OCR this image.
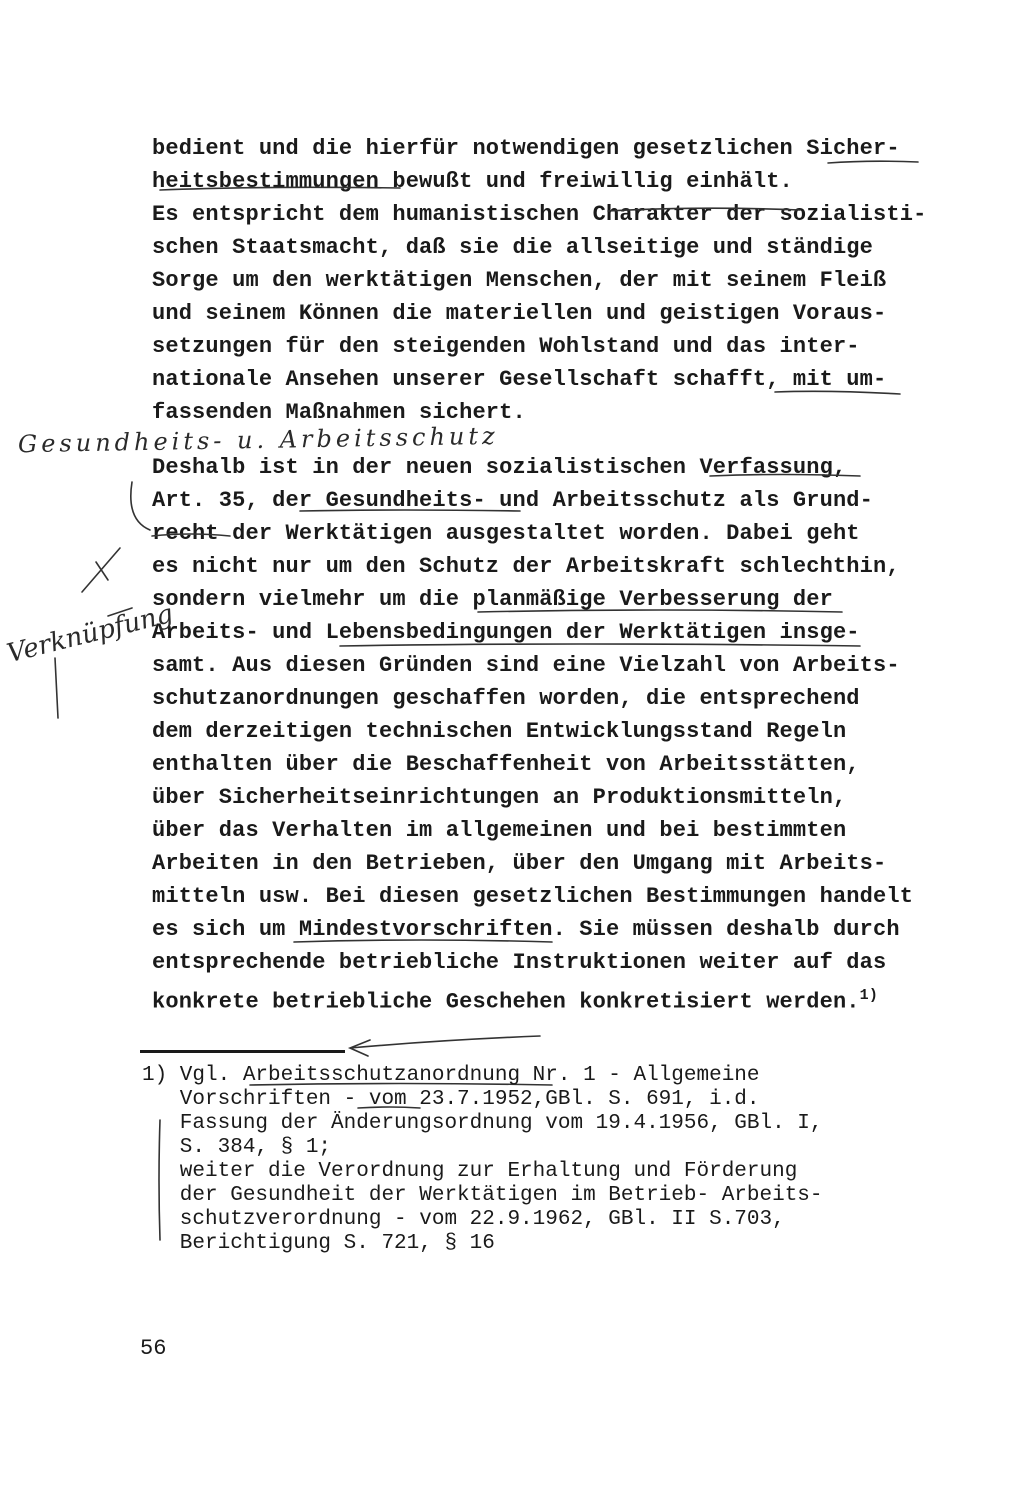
bedient und die hierfür notwendigen gesetzlichen Sicher-
heitsbestimmungen bewußt und freiwillig einhält.
Es entspricht dem humanistischen Charakter der sozialisti-
schen Staatsmacht, daß sie die allseitige und ständige
Sorge um den werktätigen Menschen, der mit seinem Fleiß
und seinem Können die materiellen und geistigen Voraus-
setzungen für den steigenden Wohlstand und das inter-
nationale Ansehen unserer Gesellschaft schafft, mit um-
fassenden Maßnahmen sichert.
Deshalb ist in der neuen sozialistischen Verfassung,
Art. 35, der Gesundheits- und Arbeitsschutz als Grund-
recht der Werktätigen ausgestaltet worden. Dabei geht
es nicht nur um den Schutz der Arbeitskraft schlechthin,
sondern vielmehr um die planmäßige Verbesserung der
Arbeits- und Lebensbedingungen der Werktätigen insge-
samt. Aus diesen Gründen sind eine Vielzahl von Arbeits-
schutzanordnungen geschaffen worden, die entsprechend
dem derzeitigen technischen Entwicklungsstand Regeln
enthalten über die Beschaffenheit von Arbeitsstätten,
über Sicherheitseinrichtungen an Produktionsmitteln,
über das Verhalten im allgemeinen und bei bestimmten
Arbeiten in den Betrieben, über den Umgang mit Arbeits-
mitteln usw. Bei diesen gesetzlichen Bestimmungen handelt
es sich um Mindestvorschriften. Sie müssen deshalb durch
entsprechende betriebliche Instruktionen weiter auf das
konkrete betriebliche Geschehen konkretisiert werden.$^{1)}$
Gesundheits- u. Arbeitsschutz
Verknüpfung
1) Vgl. Arbeitsschutzanordnung Nr. 1 - Allgemeine
Vorschriften - vom 23.7.1952,GBl. S. 691, i.d.
Fassung der Änderungsordnung vom 19.4.1956, GBl. I,
S. 384, § 1;
weiter die Verordnung zur Erhaltung und Förderung
der Gesundheit der Werktätigen im Betrieb- Arbeits-
schutzverordnung - vom 22.9.1962, GBl. II S.703,
Berichtigung S. 721, § 16
56
